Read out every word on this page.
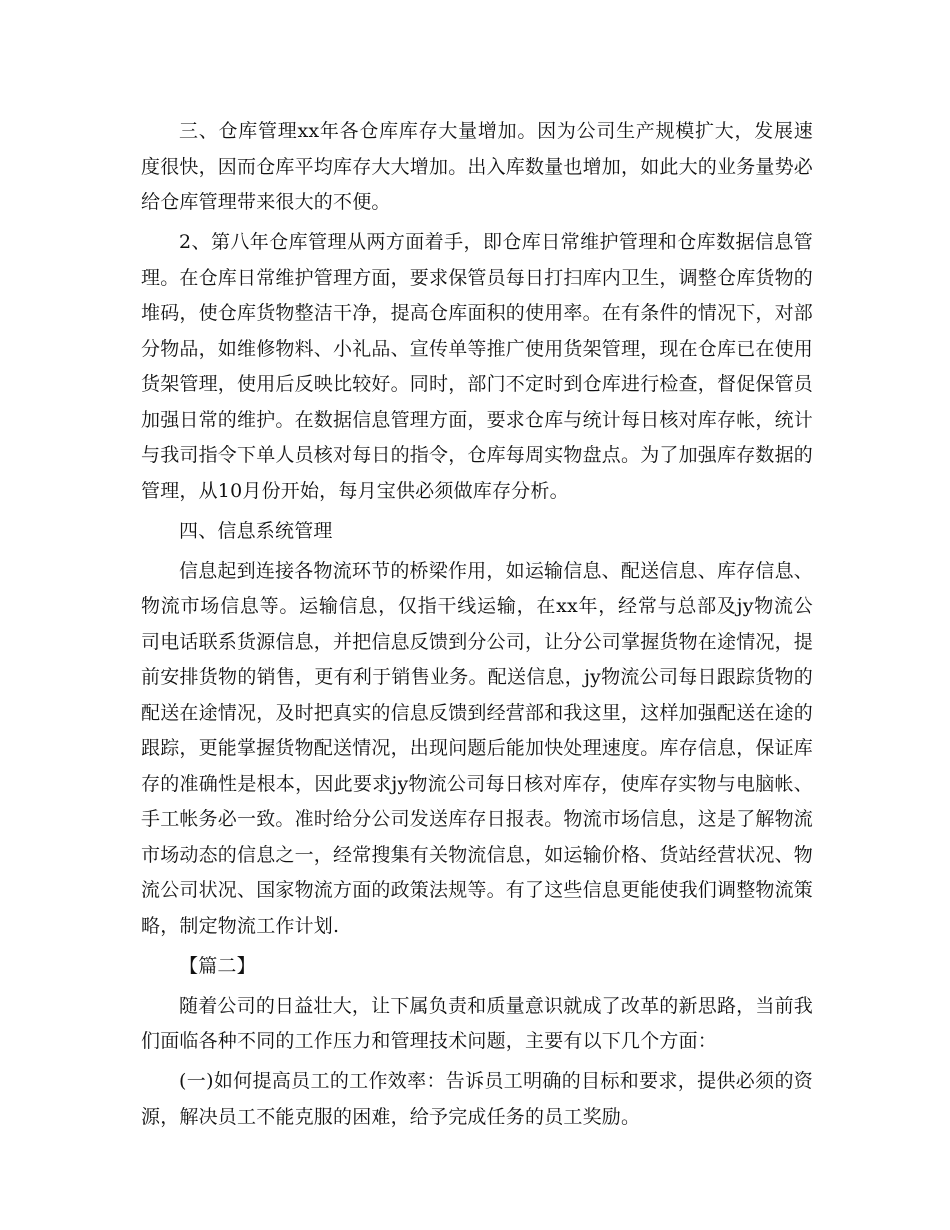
三、仓库管理xx年各仓库库存大量增加。因为公司生产规模扩大，发展速度很快，因而仓库平均库存大大增加。出入库数量也增加，如此大的业务量势必给仓库管理带来很大的不便。

2、第八年仓库管理从两方面着手，即仓库日常维护管理和仓库数据信息管理。在仓库日常维护管理方面，要求保管员每日打扫库内卫生，调整仓库货物的堆码，使仓库货物整洁干净，提高仓库面积的使用率。在有条件的情况下，对部分物品，如维修物料、小礼品、宣传单等推广使用货架管理，现在仓库已在使用货架管理，使用后反映比较好。同时，部门不定时到仓库进行检查，督促保管员加强日常的维护。在数据信息管理方面，要求仓库与统计每日核对库存帐，统计与我司指令下单人员核对每日的指令，仓库每周实物盘点。为了加强库存数据的管理，从10月份开始，每月宝供必须做库存分析。

四、信息系统管理

信息起到连接各物流环节的桥梁作用，如运输信息、配送信息、库存信息、物流市场信息等。运输信息，仅指干线运输，在xx年，经常与总部及jy物流公司电话联系货源信息，并把信息反馈到分公司，让分公司掌握货物在途情况，提前安排货物的销售，更有利于销售业务。配送信息，jy物流公司每日跟踪货物的配送在途情况，及时把真实的信息反馈到经营部和我这里，这样加强配送在途的跟踪，更能掌握货物配送情况，出现问题后能加快处理速度。库存信息，保证库存的准确性是根本，因此要求jy物流公司每日核对库存，使库存实物与电脑帐、手工帐务必一致。准时给分公司发送库存日报表。物流市场信息，这是了解物流市场动态的信息之一，经常搜集有关物流信息，如运输价格、货站经营状况、物流公司状况、国家物流方面的政策法规等。有了这些信息更能使我们调整物流策略，制定物流工作计划.

【篇二】

随着公司的日益壮大，让下属负责和质量意识就成了改革的新思路，当前我们面临各种不同的工作压力和管理技术问题，主要有以下几个方面：

(一)如何提高员工的工作效率：告诉员工明确的目标和要求，提供必须的资源，解决员工不能克服的困难，给予完成任务的员工奖励。
